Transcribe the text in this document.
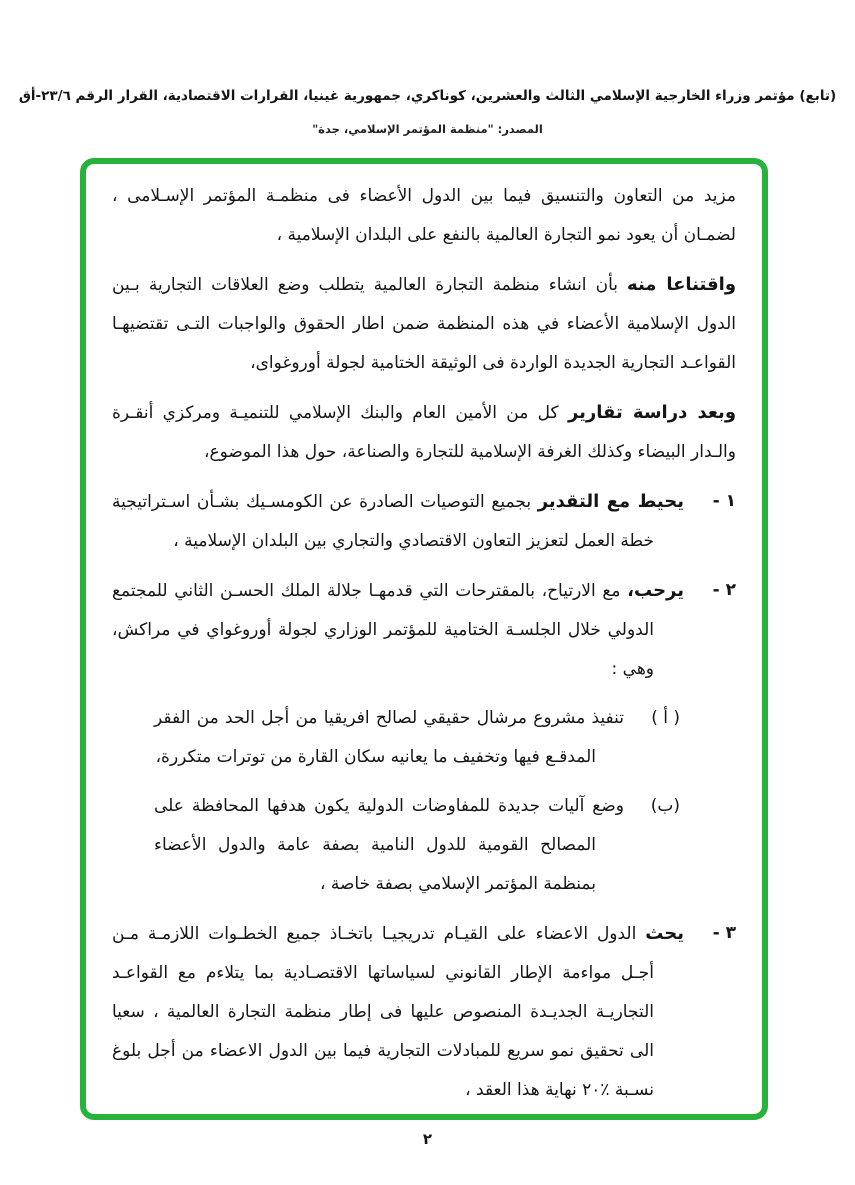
(تابع) مؤتمر وزراء الخارجية الإسلامي الثالث والعشرين، كوناكري، جمهورية غينيا، القرارات الاقتصادية، القرار الرقم ٢٣/٦-أق
المصدر: "منظمة المؤتمر الإسلامي، جدة"

مزيد من التعاون والتنسيق فيما بين الدول الأعضاء فى منظمـة المؤتمر الإسـلامى ، لضمـان أن يعود نمو التجارة العالمية بالنفع على البلدان الإسلامية ،

واقتناعا منه بأن انشاء منظمة التجارة العالمية يتطلب وضع العلاقات التجارية بـين الدول الإسلامية الأعضاء في هذه المنظمة ضمن اطار الحقوق والواجبات التـى تقتضيهـا القواعـد التجارية الجديدة الواردة فى الوثيقة الختامية لجولة أوروغواى،

وبعد دراسة تقارير كل من الأمين العام والبنك الإسلامي للتنميـة ومركزي أنقـرة والـدار البيضاء وكذلك الغرفة الإسلامية للتجارة والصناعة، حول هذا الموضوع،

١ -

يحيط مع التقدير بجميع التوصيات الصادرة عن الكومسـيك بشـأن اسـتراتيجية خطة العمل لتعزيز التعاون الاقتصادي والتجاري بين البلدان الإسلامية ،

٢ -

يرحب، مع الارتياح، بالمقترحات التي قدمهـا جلالة الملك الحسـن الثاني للمجتمع الدولي خلال الجلسـة الختامية للمؤتمر الوزاري لجولة أوروغواي في مراكش، وهي :

( أ )

تنفيذ مشروع مرشال حقيقي لصالح افريقيا من أجل الحد من الفقر المدقـع فيها وتخفيف ما يعانيه سكان القارة من توترات متكررة،

(ب)

وضع آليات جديدة للمفاوضات الدولية يكون هدفها المحافظة على المصالح القومية للدول النامية بصفة عامة والدول الأعضاء بمنظمة المؤتمر الإسلامي بصفة خاصة ،

٣ -

يحث الدول الاعضاء على القيـام تدريجيـا باتخـاذ جميع الخطـوات اللازمـة مـن أجـل مواءمة الإطار القانوني لسياساتها الاقتصـادية بما يتلاءم مع القواعـد التجاريـة الجديـدة المنصوص عليها فى إطار منظمة التجارة العالمية ، سعيا الى تحقيق نمو سريع للمبادلات التجارية فيما بين الدول الاعضاء من أجل بلوغ نسـبة ٪٢٠ نهاية هذا العقد ،

٢
